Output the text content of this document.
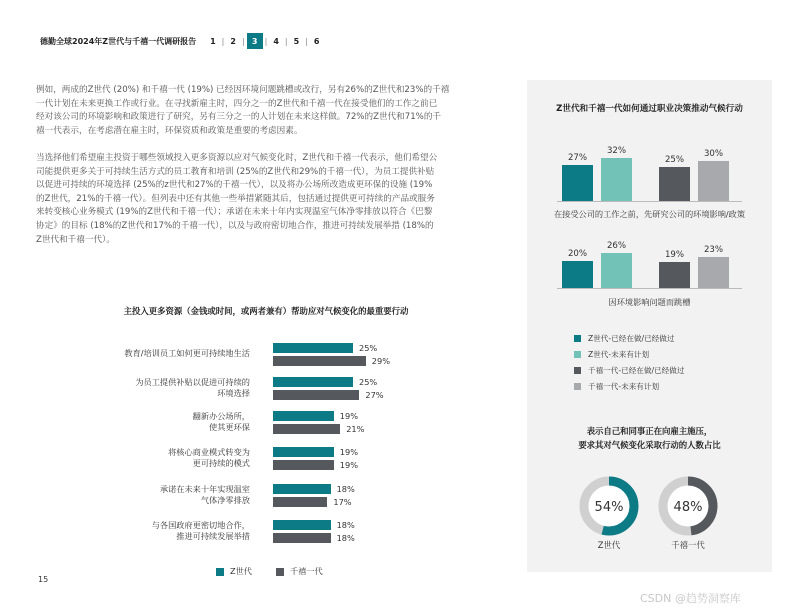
德勤全球2024年Z世代与千禧一代调研报告	1 | 2 | 3 | 4 | 5 | 6
例如，两成的Z世代 (20%) 和千禧一代 (19%) 已经因环境问题跳槽或改行，另有26%的Z世代和23%的千禧
一代计划在未来更换工作或行业。在寻找新雇主时，四分之一的Z世代和千禧一代在接受他们的工作之前已
经对该公司的环境影响和政策进行了研究，另有三分之一的人计划在未来这样做。72%的Z世代和71%的千
禧一代表示，在考虑潜在雇主时，环保资质和政策是重要的考虑因素。
当选择他们希望雇主投资于哪些领域投入更多资源以应对气候变化时，Z世代和千禧一代表示，他们希望公
司能提供更多关于可持续生活方式的员工教育和培训 (25%的Z世代和29%的千禧一代），为员工提供补贴
以促进可持续的环境选择 (25%的z世代和27%的千禧一代），以及将办公场所改造成更环保的设施 (19%
的Z世代，21%的千禧一代）。但列表中还有其他一些举措紧随其后，包括通过提供更可持续的产品或服务
来转变核心业务模式 (19%的Z世代和千禧一代）；承诺在未来十年内实现温室气体净零排放以符合《巴黎
协定》的目标 (18%的Z世代和17%的千禧一代），以及与政府密切地合作，推进可持续发展举措 (18%的
Z世代和千禧一代）。
主投入更多资源（金钱或时间，或两者兼有）帮助应对气候变化的最重要行动
教育/培训员工如何更可持续地生活	25%
29%
为员工提供补贴以促进可持续的
环境选择
25%
27%
翻新办公场所，
使其更环保
19%
21%
将核心商业模式转变为
更可持续的模式
19%
19%
承诺在未来十年实现温室
气体净零排放
18%
17%
与各国政府更密切地合作，
推进可持续发展举措
18%
18%
Z世代	千禧一代
15
Z世代和千禧一代如何通过职业决策推动气候行动
27%
32%
25%
30%
20%
26%
19%
23%
在接受公司的工作之前，先研究公司的环境影响/政策
因环境影响问题而跳槽
Z世代-已经在做/已经做过
Z世代-未来有计划
千禧一代-已经在做/已经做过
千禧一代-未来有计划
表示自己和同事正在向雇主施压，
要求其对气候变化采取行动的人数占比
54%	48%
Z世代	千禧一代
CSDN @趋势洞察库
